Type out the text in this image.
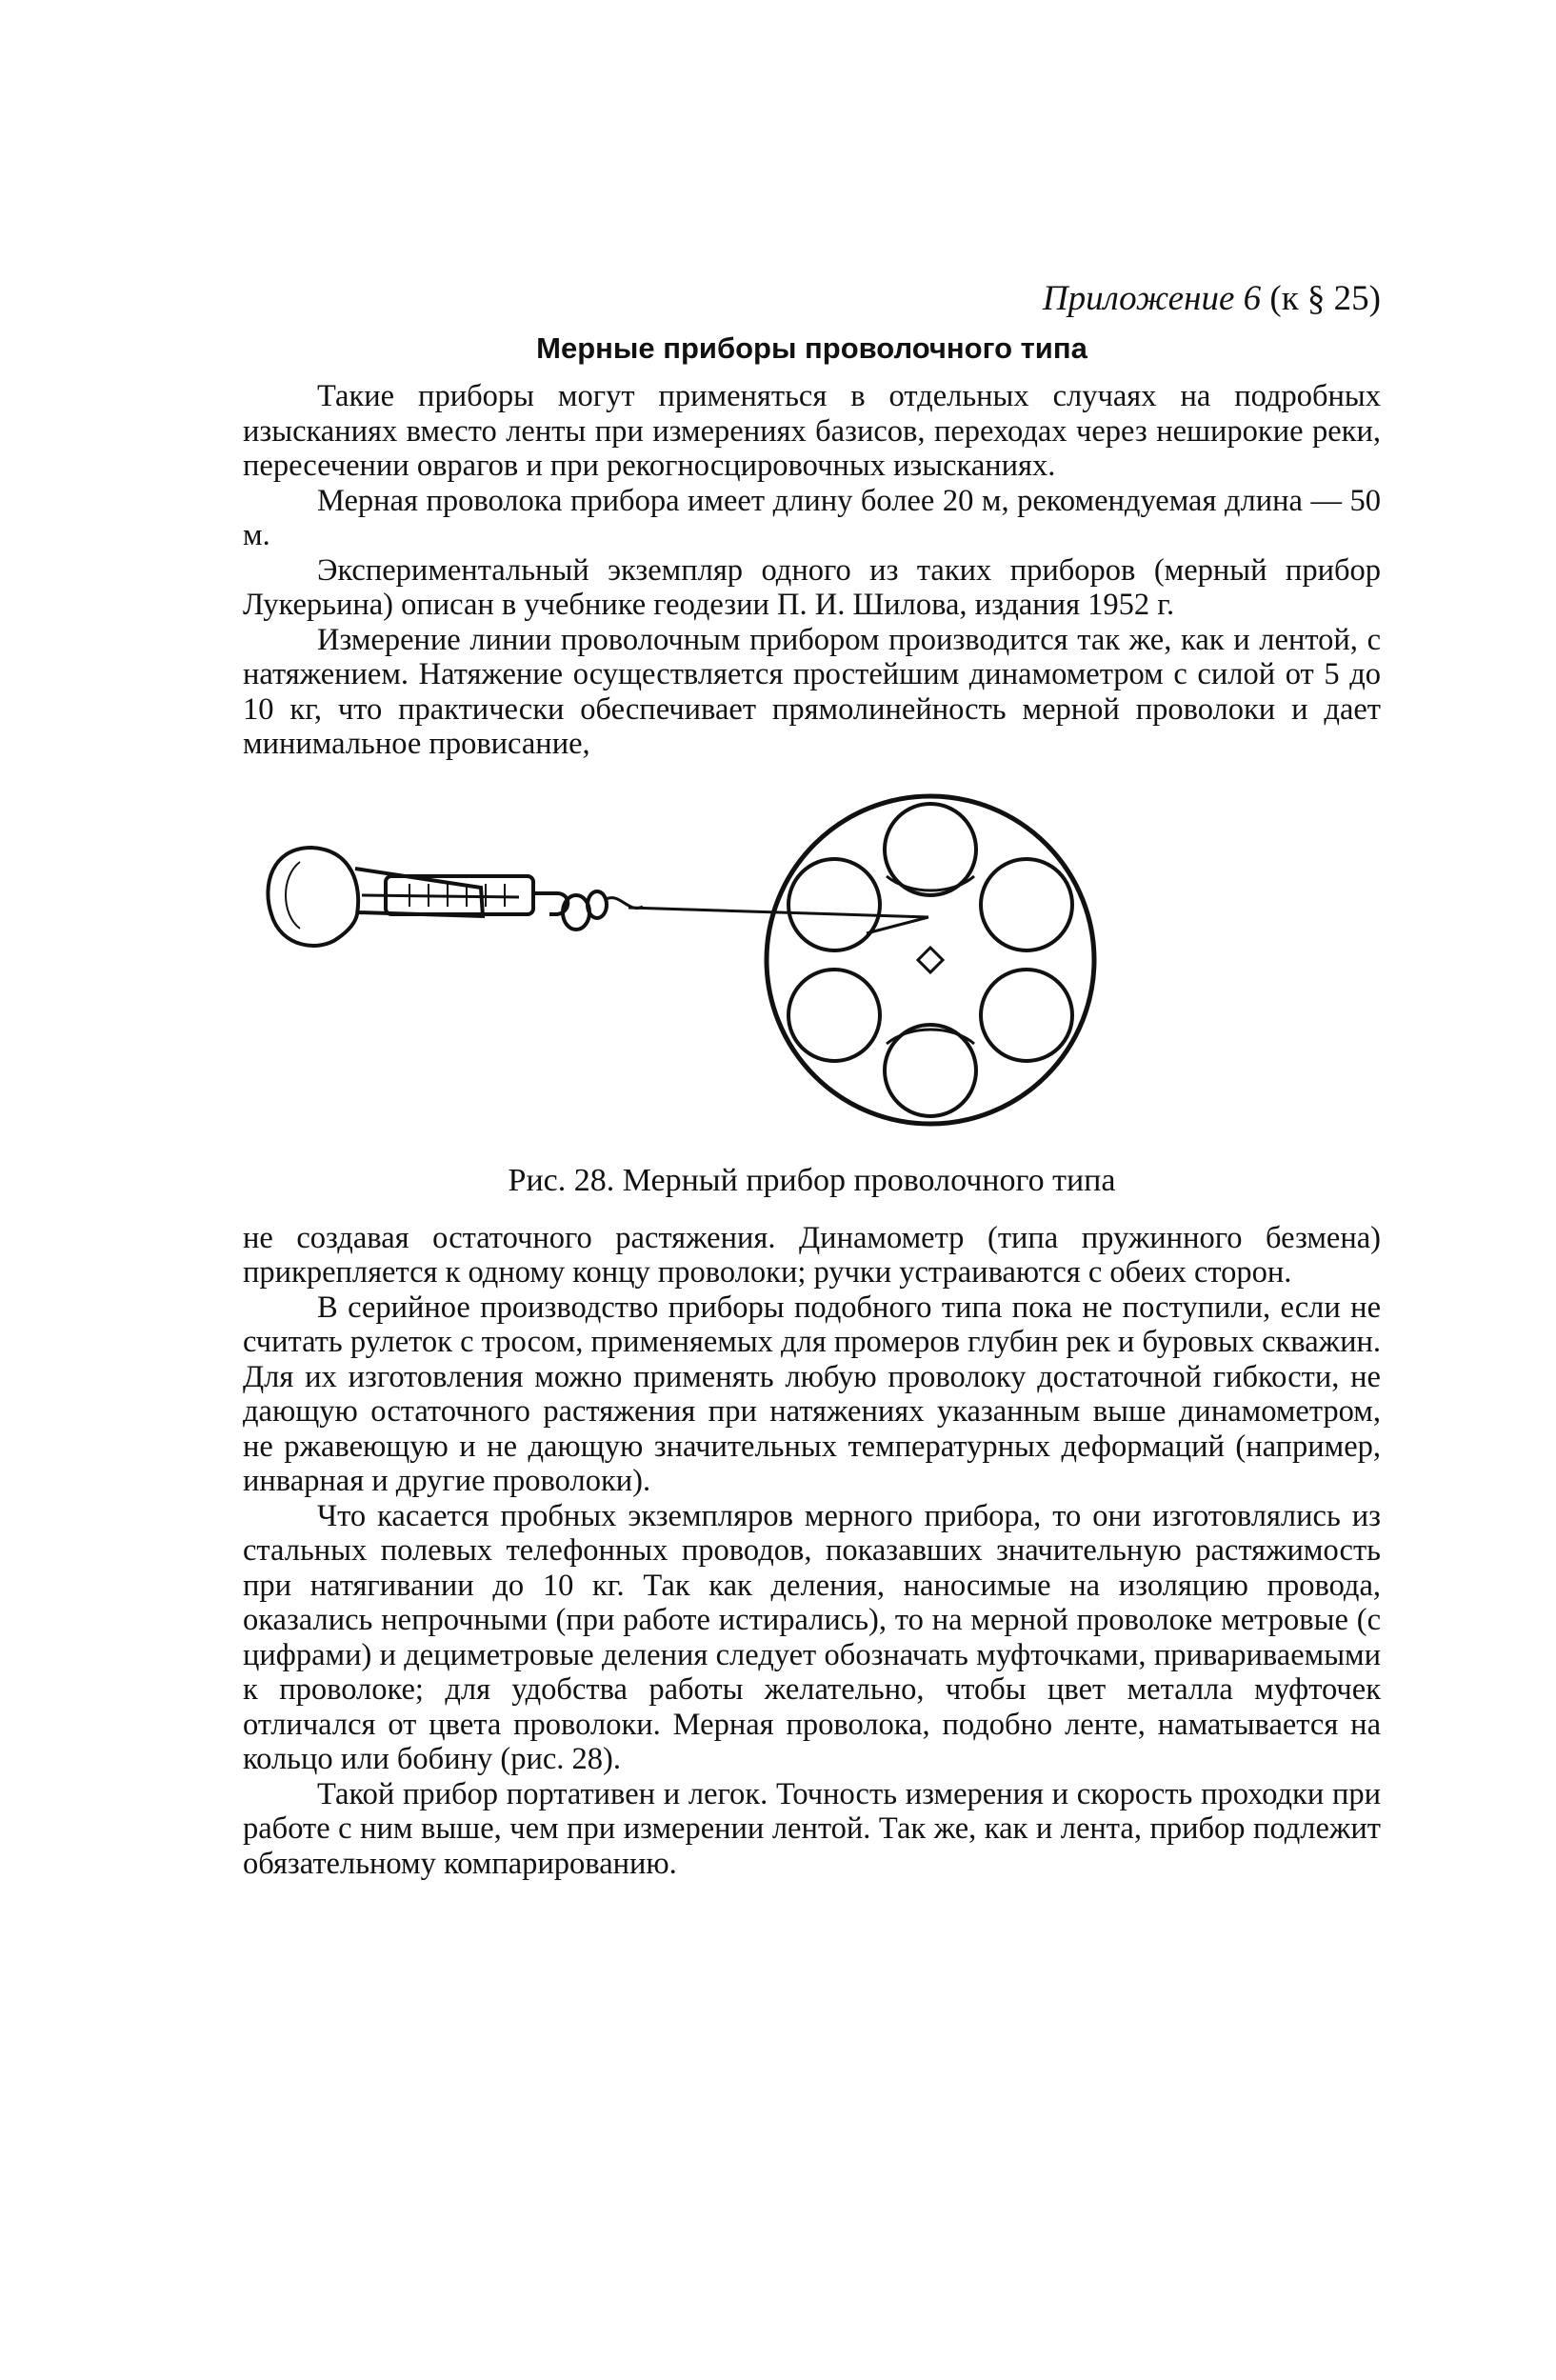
Приложение 6 (к § 25)
Мерные приборы проволочного типа

Такие приборы могут применяться в отдельных случаях на подробных изысканиях вместо ленты при измерениях базисов, переходах через неширокие реки, пересечении оврагов и при рекогносцировочных изысканиях.

Мерная проволока прибора имеет длину более 20 м, рекомендуемая длина — 50 м.

Экспериментальный экземпляр одного из таких приборов (мерный прибор Лукерьина) описан в учебнике геодезии П. И. Шилова, издания 1952 г.

Измерение линии проволочным прибором производится так же, как и лентой, с натяжением. Натяжение осуществляется простейшим динамометром с силой от 5 до 10 кг, что практически обеспечивает прямолинейность мерной проволоки и дает минимальное провисание,

Рис. 28. Мерный прибор проволочного типа

не создавая остаточного растяжения. Динамометр (типа пружинного безмена) прикрепляется к одному концу проволоки; ручки устраиваются с обеих сторон.

В серийное производство приборы подобного типа пока не поступили, если не считать рулеток с тросом, применяемых для промеров глубин рек и буровых скважин. Для их изготовления можно применять любую проволоку достаточной гибкости, не дающую остаточного растяжения при натяжениях указанным выше динамометром, не ржавеющую и не дающую значительных температурных деформаций (например, инварная и другие проволоки).

Что касается пробных экземпляров мерного прибора, то они изготовлялись из стальных полевых телефонных проводов, показавших значительную растяжимость при натягивании до 10 кг. Так как деления, наносимые на изоляцию провода, оказались непрочными (при работе истирались), то на мерной проволоке метровые (с цифрами) и дециметровые деления следует обозначать муфточками, привариваемыми к проволоке; для удобства работы желательно, чтобы цвет металла муфточек отличался от цвета проволоки. Мерная проволока, подобно ленте, наматывается на кольцо или бобину (рис. 28).

Такой прибор портативен и легок. Точность измерения и скорость проходки при работе с ним выше, чем при измерении лентой. Так же, как и лента, прибор подлежит обязательному компарированию.
